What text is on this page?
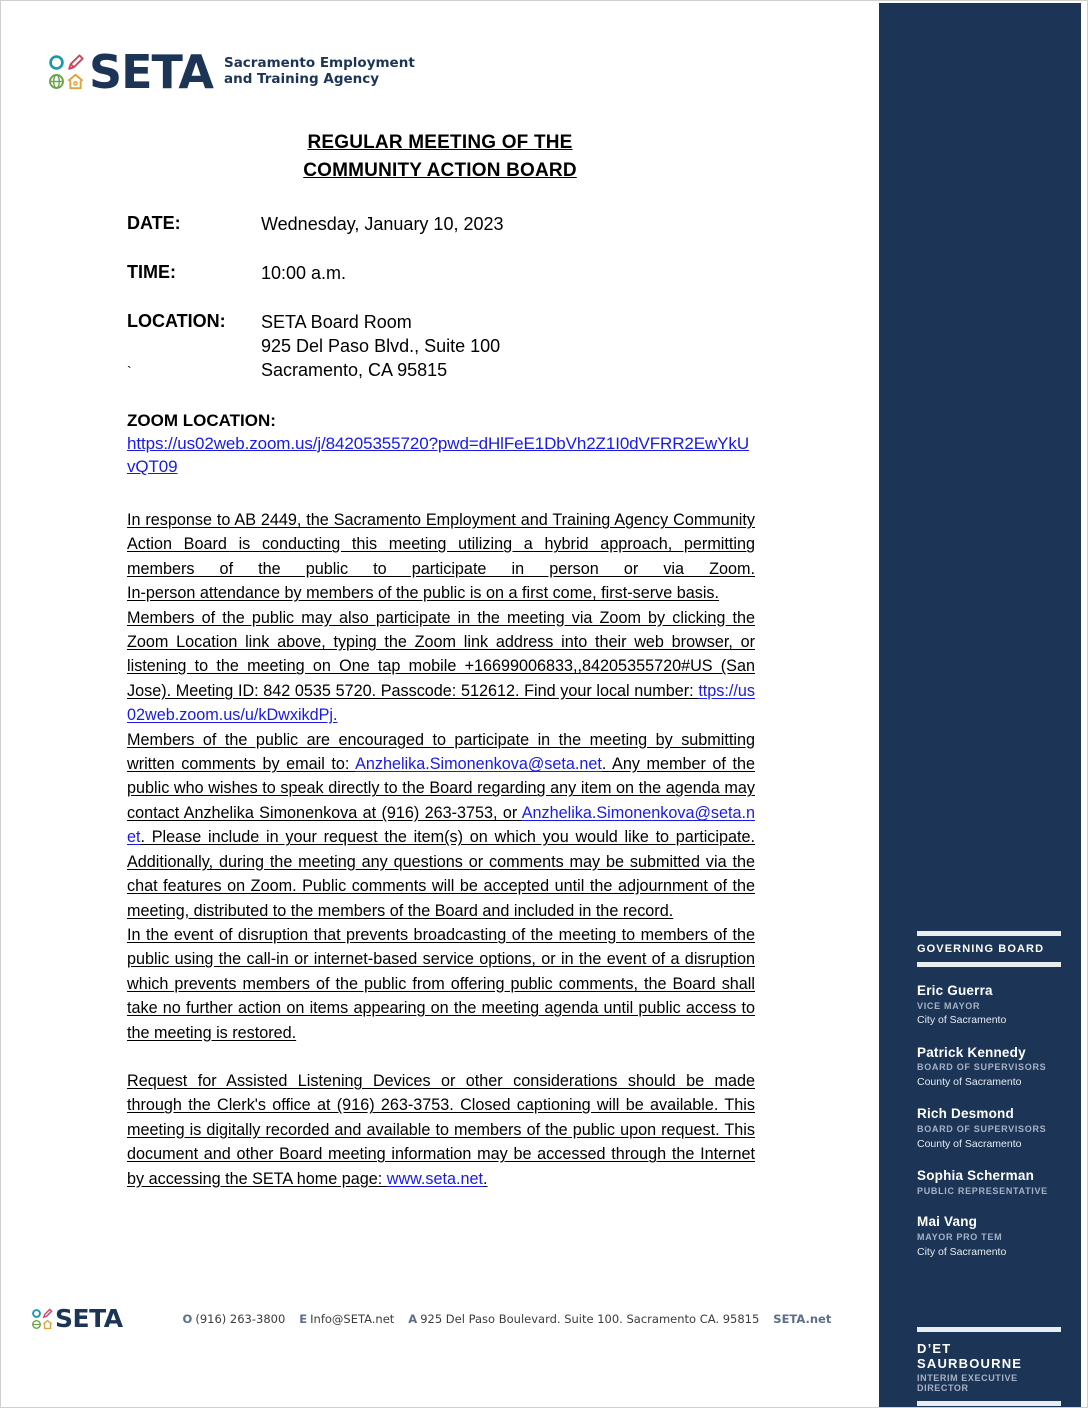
SETA Sacramento Employment
and Training Agency
REGULAR MEETING OF THE
COMMUNITY ACTION BOARD
DATE:	Wednesday, January 10, 2023
TIME:	10:00 a.m.
LOCATION:	SETA Board Room
925 Del Paso Blvd., Suite 100
Sacramento, CA 95815
`
ZOOM LOCATION:
https://us02web.zoom.us/j/84205355720?pwd=dHlFeE1DbVh2Z1I0dVFRR2EwYkUvQT09

In response to AB 2449, the Sacramento Employment and Training Agency Community Action Board is conducting this meeting utilizing a hybrid approach, permitting members of the public to participate in person or via Zoom.

In-person attendance by members of the public is on a first come, first-serve basis.

Members of the public may also participate in the meeting via Zoom by clicking the Zoom Location link above, typing the Zoom link address into their web browser, or listening to the meeting on One tap mobile +16699006833,,84205355720#US (San Jose). Meeting ID: 842 0535 5720. Passcode: 512612. Find your local number: ttps://us02web.zoom.us/u/kDwxikdPj.

Members of the public are encouraged to participate in the meeting by submitting written comments by email to: Anzhelika.Simonenkova@seta.net. Any member of the public who wishes to speak directly to the Board regarding any item on the agenda may contact Anzhelika Simonenkova at (916) 263-3753, or Anzhelika.Simonenkova@seta.net. Please include in your request the item(s) on which you would like to participate. Additionally, during the meeting any questions or comments may be submitted via the chat features on Zoom. Public comments will be accepted until the adjournment of the meeting, distributed to the members of the Board and included in the record.

In the event of disruption that prevents broadcasting of the meeting to members of the public using the call-in or internet-based service options, or in the event of a disruption which prevents members of the public from offering public comments, the Board shall take no further action on items appearing on the meeting agenda until public access to the meeting is restored.

Request for Assisted Listening Devices or other considerations should be made through the Clerk's office at (916) 263-3753. Closed captioning will be available. This meeting is digitally recorded and available to members of the public upon request. This document and other Board meeting information may be accessed through the Internet by accessing the SETA home page: www.seta.net.

SETA	O (916) 263-3800 E Info@SETA.net A 925 Del Paso Boulevard. Suite 100. Sacramento CA. 95815 SETA.net
GOVERNING BOARD
Eric Guerra
VICE MAYOR
City of Sacramento
Patrick Kennedy
BOARD OF SUPERVISORS
County of Sacramento
Rich Desmond
BOARD OF SUPERVISORS
County of Sacramento
Sophia Scherman
PUBLIC REPRESENTATIVE
Mai Vang
MAYOR PRO TEM
City of Sacramento
D’ET SAURBOURNE
INTERIM EXECUTIVE DIRECTOR
